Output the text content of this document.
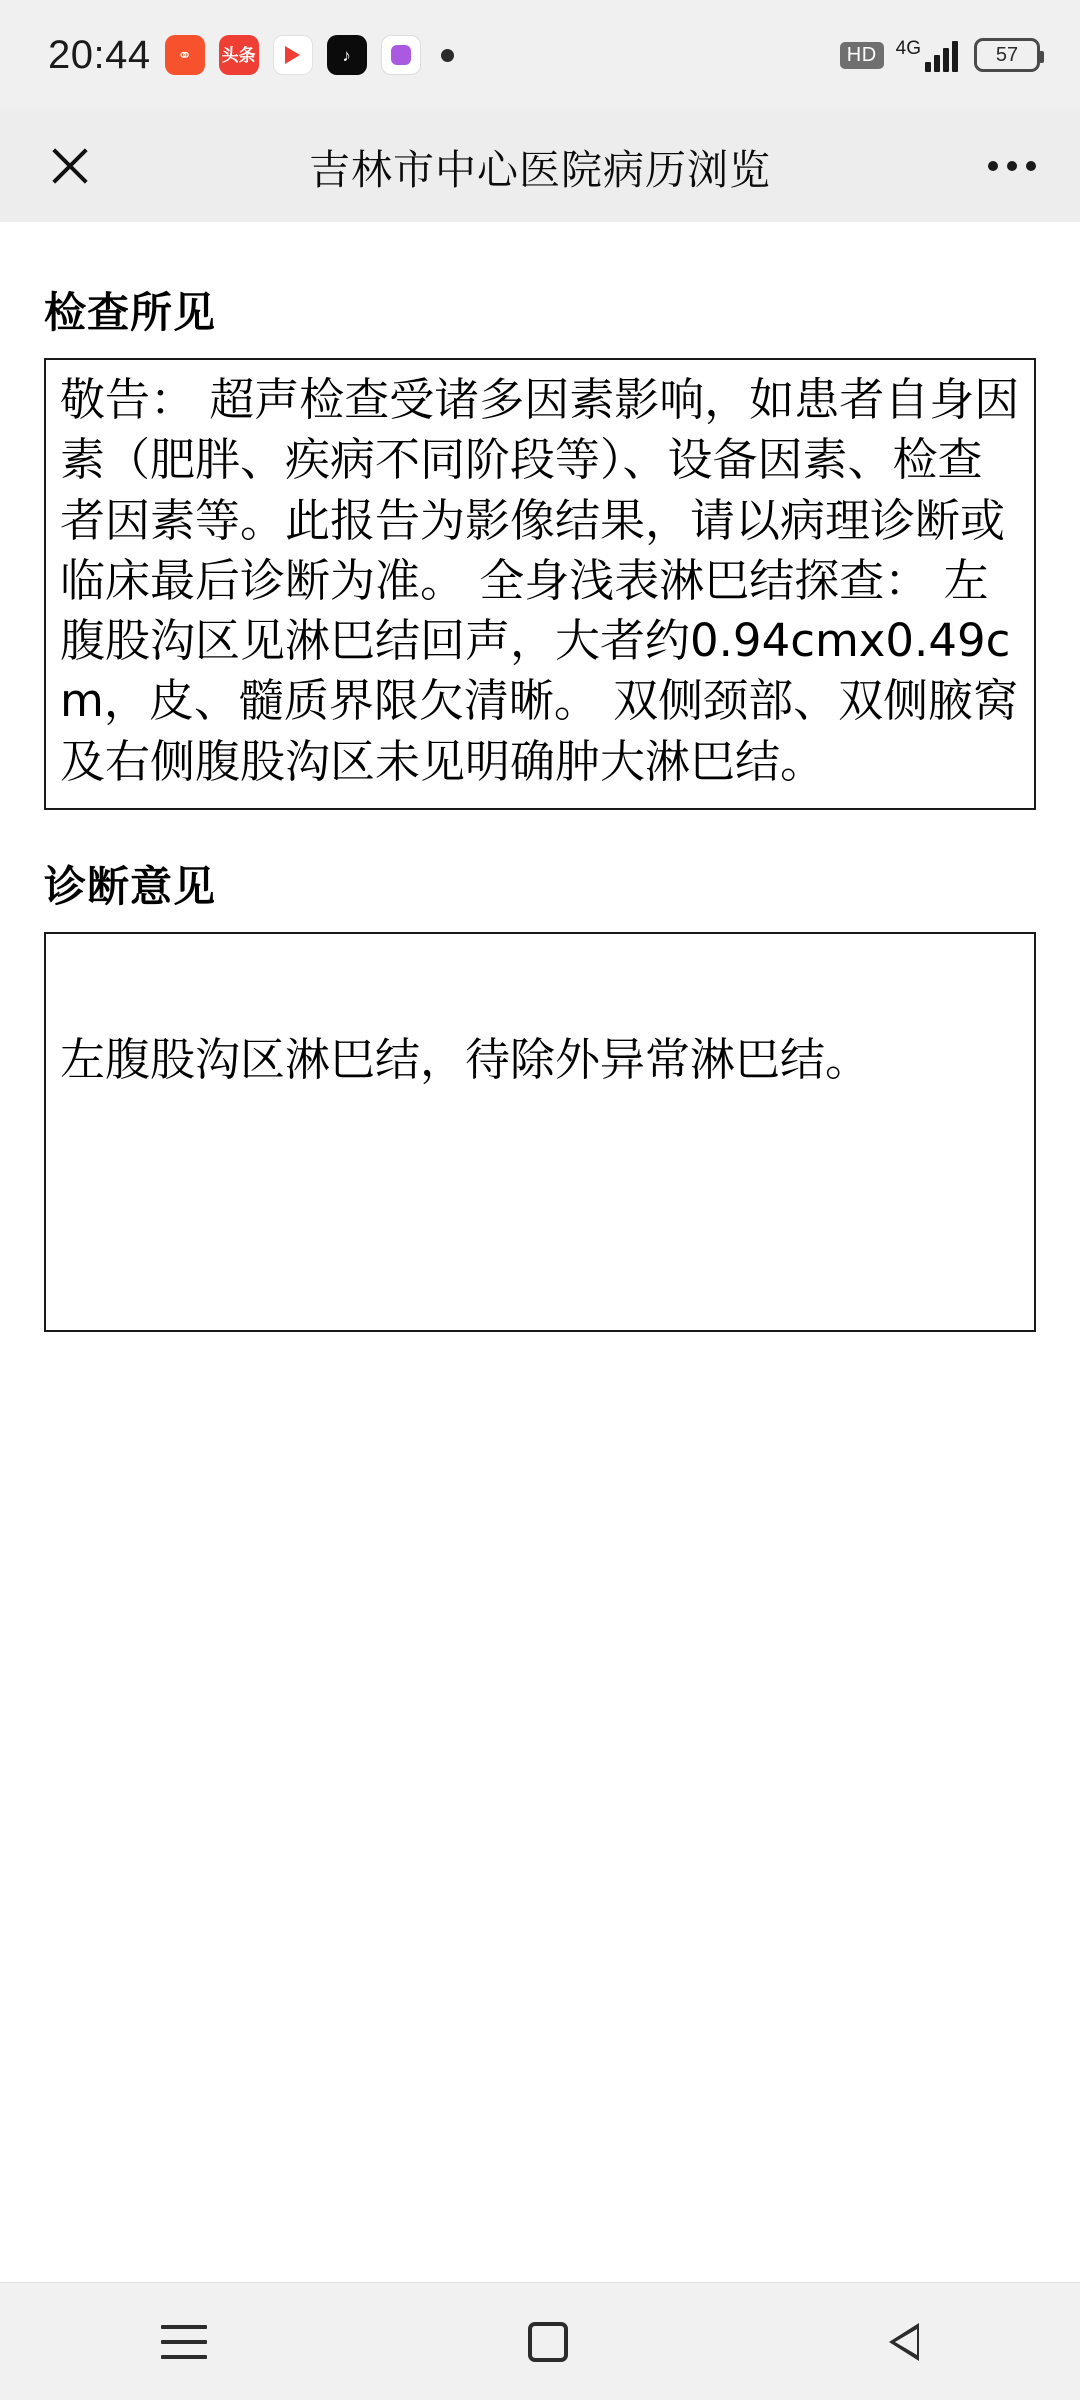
20:44	⚭	头条	♪	HD	4G	57
吉林市中心医院病历浏览
检查所见
敬告： 超声检查受诸多因素影响，如患者自身因素（肥胖、疾病不同阶段等）、设备因素、检查者因素等。此报告为影像结果，请以病理诊断或临床最后诊断为准。 全身浅表淋巴结探查： 左腹股沟区见淋巴结回声，大者约0.94cmx0.49cm，皮、髓质界限欠清晰。 双侧颈部、双侧腋窝及右侧腹股沟区未见明确肿大淋巴结。
诊断意见
左腹股沟区淋巴结，待除外异常淋巴结。
